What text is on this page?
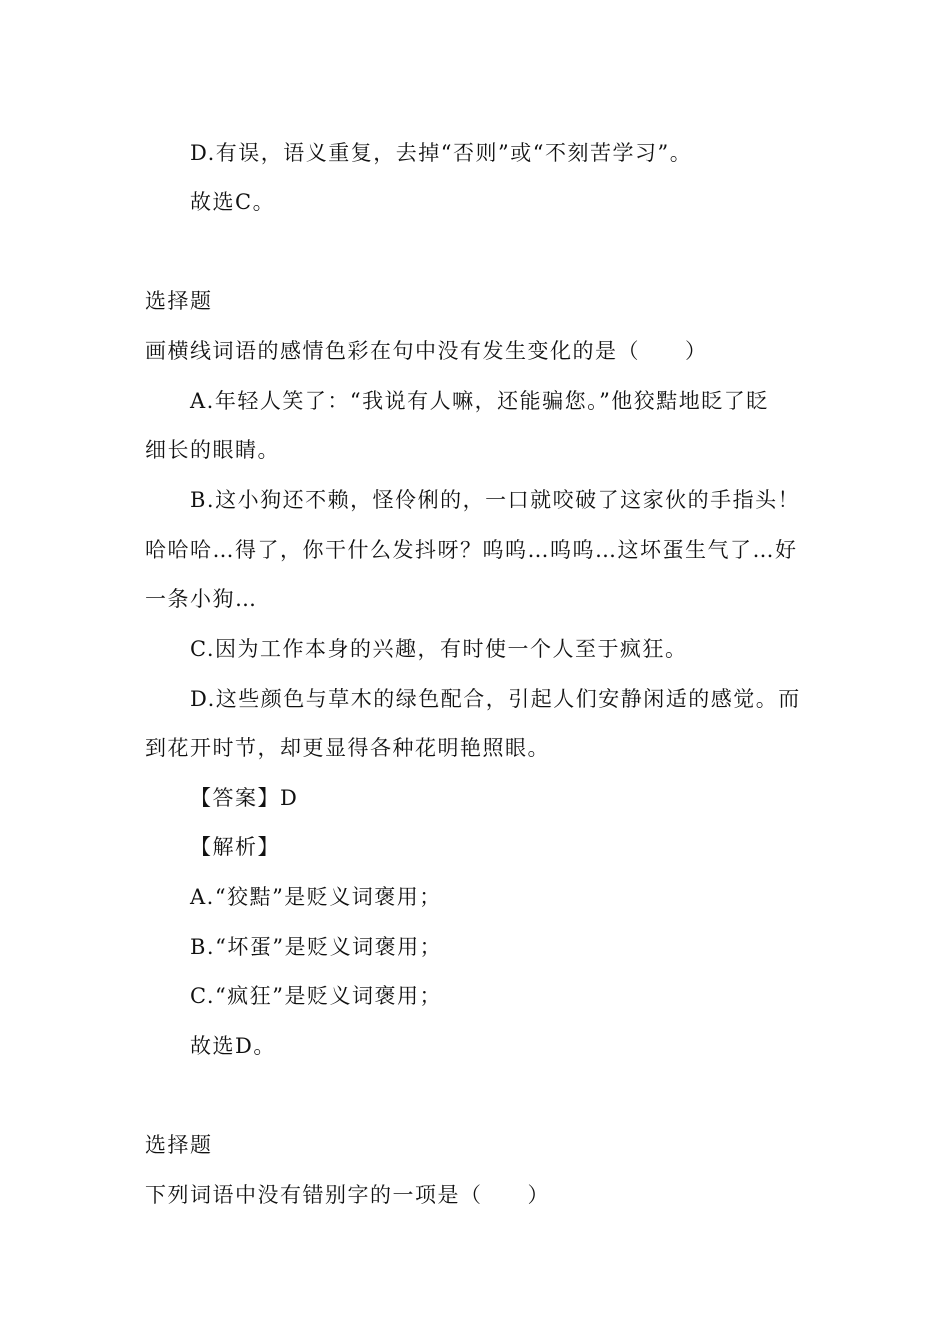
D.有误，语义重复，去掉“否则”或“不刻苦学习”。
故选C。
选择题
画横线词语的感情色彩在句中没有发生变化的是（　　）
A.年轻人笑了：“我说有人嘛，还能骗您。”他狡黠地眨了眨
细长的眼睛。
B.这小狗还不赖，怪伶俐的，一口就咬破了这家伙的手指头！
哈哈哈…得了，你干什么发抖呀？呜呜…呜呜…这坏蛋生气了…好
一条小狗…
C.因为工作本身的兴趣，有时使一个人至于疯狂。
D.这些颜色与草木的绿色配合，引起人们安静闲适的感觉。而
到花开时节，却更显得各种花明艳照眼。
【答案】D
【解析】
A.“狡黠”是贬义词褒用；
B.“坏蛋”是贬义词褒用；
C.“疯狂”是贬义词褒用；
故选D。
选择题
下列词语中没有错别字的一项是（　　）
